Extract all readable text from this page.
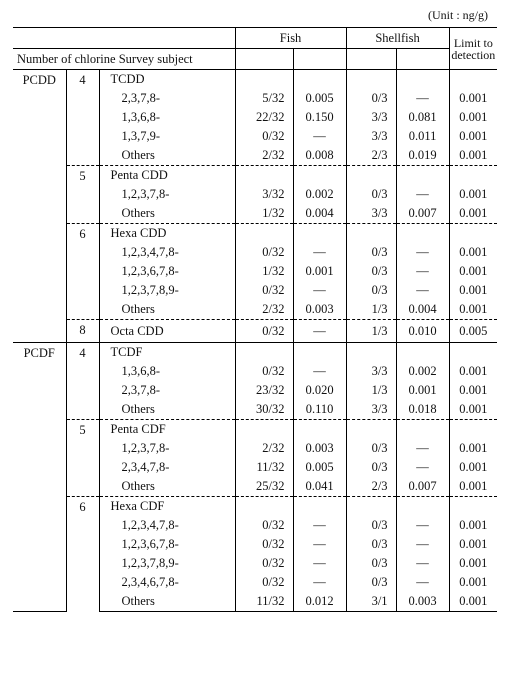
(Unit : ng/g)
			Fish		Shellfish		Limit to
detection
Number of chlorine Survey subject							
PCDD	4	TCDD					
		2,3,7,8-	5/32	0.005	0/3	—	0.001
		1,3,6,8-	22/32	0.150	3/3	0.081	0.001
		1,3,7,9-	0/32	—	3/3	0.011	0.001
		Others	2/32	0.008	2/3	0.019	0.001
	5	Penta CDD					
		1,2,3,7,8-	3/32	0.002	0/3	—	0.001
		Others	1/32	0.004	3/3	0.007	0.001
	6	Hexa CDD					
		1,2,3,4,7,8-	0/32	—	0/3	—	0.001
		1,2,3,6,7,8-	1/32	0.001	0/3	—	0.001
		1,2,3,7,8,9-	0/32	—	0/3	—	0.001
		Others	2/32	0.003	1/3	0.004	0.001
	8	Octa CDD	0/32	—	1/3	0.010	0.005
PCDF	4	TCDF					
		1,3,6,8-	0/32	—	3/3	0.002	0.001
		2,3,7,8-	23/32	0.020	1/3	0.001	0.001
		Others	30/32	0.110	3/3	0.018	0.001
	5	Penta CDF					
		1,2,3,7,8-	2/32	0.003	0/3	—	0.001
		2,3,4,7,8-	11/32	0.005	0/3	—	0.001
		Others	25/32	0.041	2/3	0.007	0.001
	6	Hexa CDF					
		1,2,3,4,7,8-	0/32	—	0/3	—	0.001
		1,2,3,6,7,8-	0/32	—	0/3	—	0.001
		1,2,3,7,8,9-	0/32	—	0/3	—	0.001
		2,3,4,6,7,8-	0/32	—	0/3	—	0.001
		Others	11/32	0.012	3/1	0.003	0.001
